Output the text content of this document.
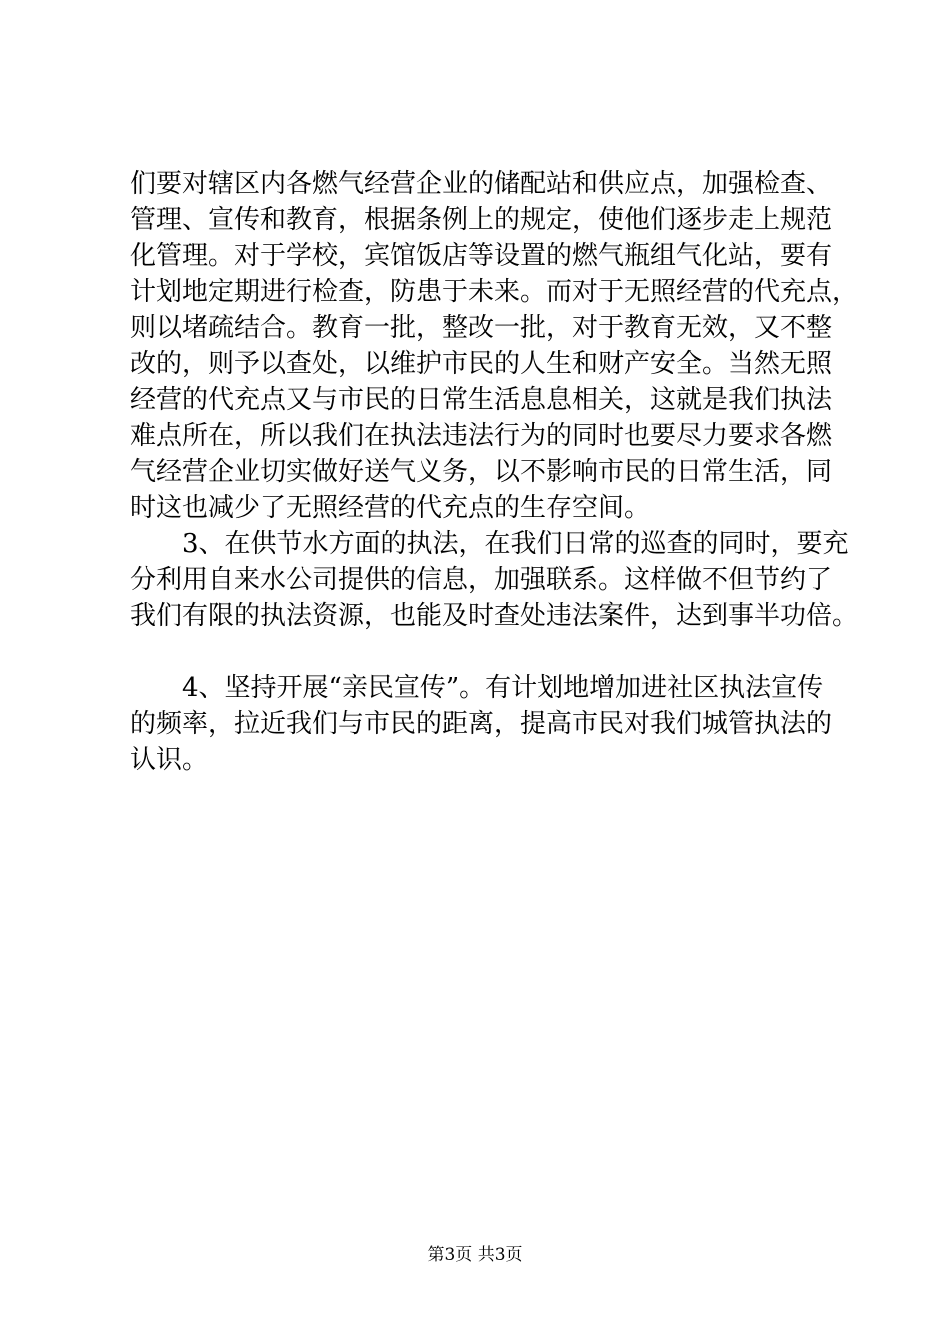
们要对辖区内各燃气经营企业的储配站和供应点，加强检查、
管理、宣传和教育，根据条例上的规定，使他们逐步走上规范
化管理。对于学校，宾馆饭店等设置的燃气瓶组气化站，要有
计划地定期进行检查，防患于未来。而对于无照经营的代充点，
则以堵疏结合。教育一批，整改一批，对于教育无效，又不整
改的，则予以查处，以维护市民的人生和财产安全。当然无照
经营的代充点又与市民的日常生活息息相关，这就是我们执法
难点所在，所以我们在执法违法行为的同时也要尽力要求各燃
气经营企业切实做好送气义务，以不影响市民的日常生活，同
时这也减少了无照经营的代充点的生存空间。
　　3、在供节水方面的执法，在我们日常的巡查的同时，要充
分利用自来水公司提供的信息，加强联系。这样做不但节约了
我们有限的执法资源，也能及时查处违法案件，达到事半功倍。
　　4、坚持开展“亲民宣传”。有计划地增加进社区执法宣传
的频率，拉近我们与市民的距离，提高市民对我们城管执法的
认识。
第3页 共3页
